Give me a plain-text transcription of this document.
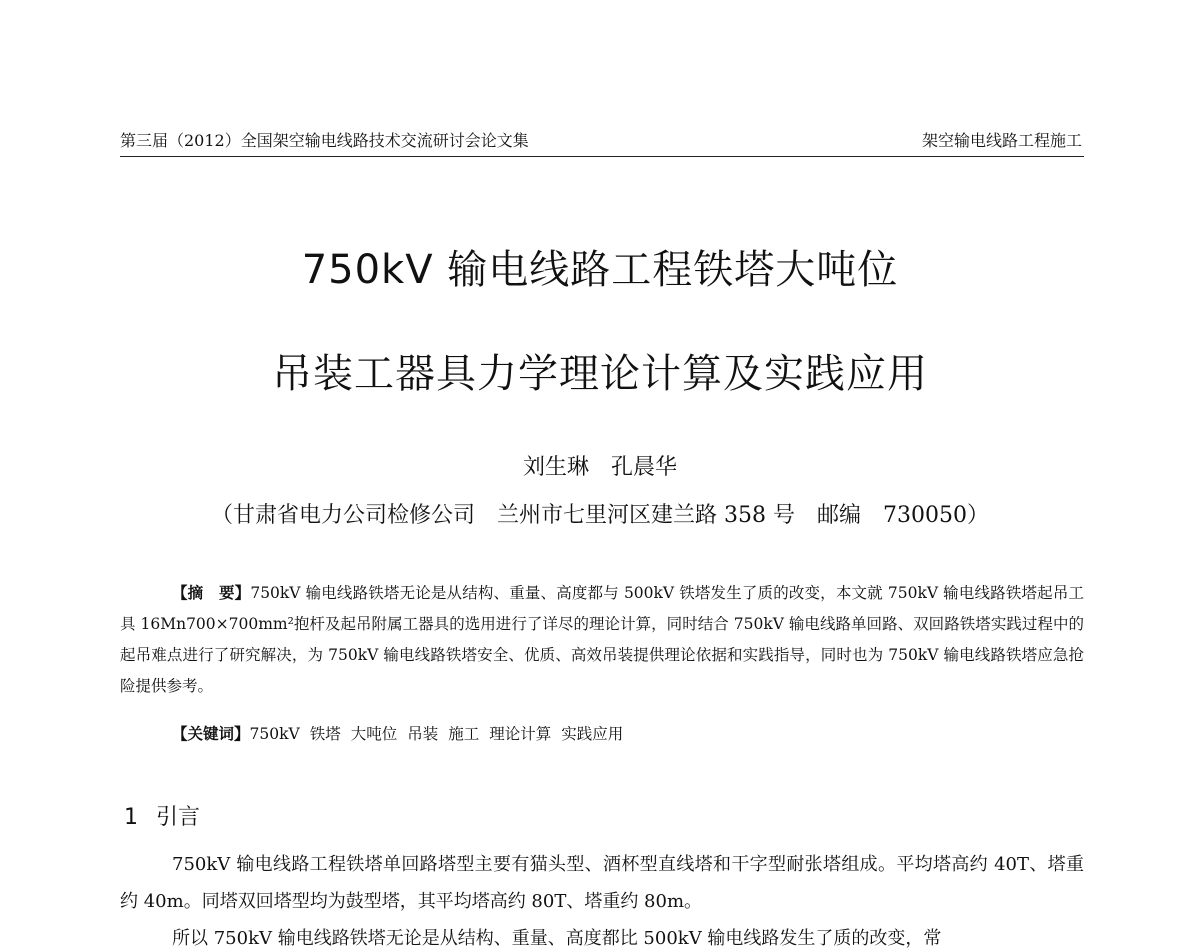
第三届（2012）全国架空输电线路技术交流研讨会论文集	架空输电线路工程施工
750kV 输电线路工程铁塔大吨位
吊装工器具力学理论计算及实践应用
刘生琳　孔晨华
（甘肃省电力公司检修公司　兰州市七里河区建兰路 358 号　邮编　730050）

【摘　要】750kV 输电线路铁塔无论是从结构、重量、高度都与 500kV 铁塔发生了质的改变，本文就 750kV 输电线路铁塔起吊工具 16Mn700×700mm²抱杆及起吊附属工器具的选用进行了详尽的理论计算，同时结合 750kV 输电线路单回路、双回路铁塔实践过程中的起吊难点进行了研究解决，为 750kV 输电线路铁塔安全、优质、高效吊装提供理论依据和实践指导，同时也为 750kV 输电线路铁塔应急抢险提供参考。

【关键词】750kV 铁塔 大吨位 吊装 施工 理论计算 实践应用
1 引言

750kV 输电线路工程铁塔单回路塔型主要有猫头型、酒杯型直线塔和干字型耐张塔组成。平均塔高约 40T、塔重约 40m。同塔双回塔型均为鼓型塔，其平均塔高约 80T、塔重约 80m。

所以 750kV 输电线路铁塔无论是从结构、重量、高度都比 500kV 输电线路发生了质的改变，常
